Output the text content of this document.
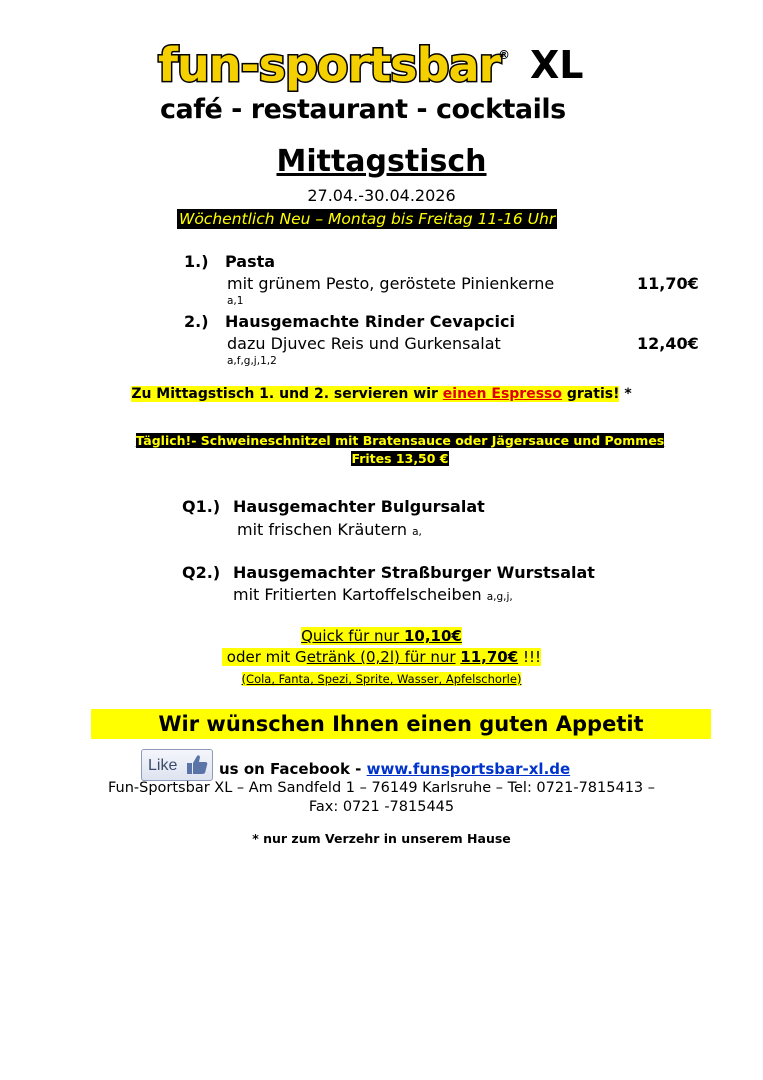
fun-sportsbar
® XL
café - restaurant - cocktails
Mittagstisch
27.04.-30.04.2026
Wöchentlich Neu – Montag bis Freitag 11-16 Uhr
1.) Pasta
mit grünem Pesto, geröstete Pinienkerne	11,70€
a,1
2.) Hausgemachte Rinder Cevapcici
dazu Djuvec Reis und Gurkensalat	12,40€
a,f,g,j,1,2
Zu Mittagstisch 1. und 2. servieren wir einen Espresso gratis! *
Täglich!- Schweineschnitzel mit Bratensauce oder Jägersauce und Pommes
Frites 13,50 €
Q1.) Hausgemachter Bulgursalat
mit frischen Kräutern a,
Q2.) Hausgemachter Straßburger Wurstsalat
mit Fritierten Kartoffelscheiben a,g,j,
Quick für nur 10,10€
oder mit Getränk (0,2l) für nur 11,70€ !!!
(Cola, Fanta, Spezi, Sprite, Wasser, Apfelschorle)
Wir wünschen Ihnen einen guten Appetit
Like	us on Facebook - www.funsportsbar-xl.de
Fun-Sportsbar XL – Am Sandfeld 1 – 76149 Karlsruhe – Tel: 0721-7815413 –
Fax: 0721 -7815445
* nur zum Verzehr in unserem Hause
